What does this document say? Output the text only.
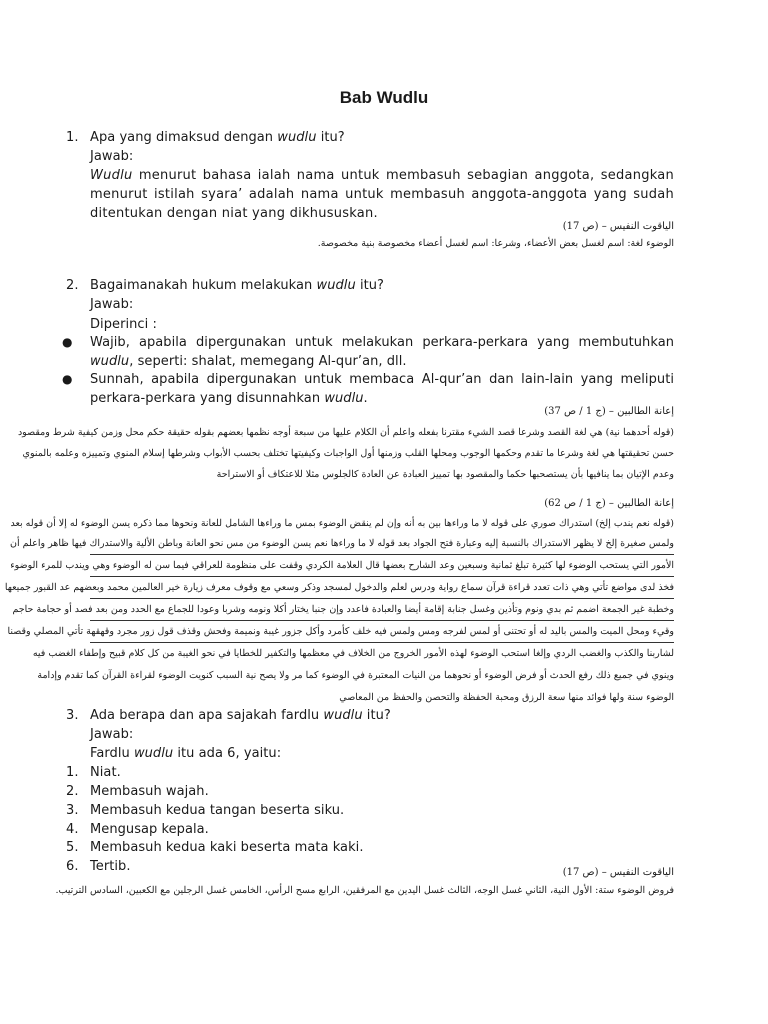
Bab Wudlu
1. Apa yang dimaksud dengan wudlu itu?
Jawab:
Wudlu menurut bahasa ialah nama untuk membasuh sebagian anggota, sedangkan menurut istilah syara’ adalah nama untuk membasuh anggota-anggota yang sudah ditentukan dengan niat yang dikhususkan.
الياقوت النفيس – (ص 17)
الوضوء لغة: اسم لغسل بعض الأعضاء، وشرعا: اسم لغسل أعضاء مخصوصة بنية مخصوصة.
2. Bagaimanakah hukum melakukan wudlu itu?
Jawab:
Diperinci :
● Wajib, apabila dipergunakan untuk melakukan perkara-perkara yang membutuhkan wudlu, seperti: shalat, memegang Al-qur’an, dll.
● Sunnah, apabila dipergunakan untuk membaca Al-qur’an dan lain-lain yang meliputi perkara-perkara yang disunnahkan wudlu.
إعانة الطالبين – (ج 1 / ص 37)
(قوله أحدهما نية) هي لغة القصد وشرعا قصد الشيء مقترنا بفعله واعلم أن الكلام عليها من سبعة أوجه نظمها بعضهم بقوله حقيقة حكم محل وزمن كيفية شرط ومقصود
حسن تحقيقتها هي لغة وشرعا ما تقدم وحكمها الوجوب ومحلها القلب وزمنها أول الواجبات وكيفيتها تختلف بحسب الأبواب وشرطها إسلام المنوي وتمييزه وعلمه بالمنوي
وعدم الإتيان بما ينافيها بأن يستصحبها حكما والمقصود بها تمييز العبادة عن العادة كالجلوس مثلا للاعتكاف أو الاستراحة
إعانة الطالبين – (ج 1 / ص 62)
(قوله نعم يندب إلخ) استدراك صوري على قوله لا ما وراءها بين به أنه وإن لم ينقض الوضوء بمس ما وراءها الشامل للعانة ونحوها مما ذكره يسن الوضوء له إلا أن قوله بعد
ولمس صغيرة إلخ لا يظهر الاستدراك بالنسبة إليه وعبارة فتح الجواد بعد قوله لا ما وراءها نعم يسن الوضوء من مس نحو العانة وباطن الألية والاستدراك فيها ظاهر واعلم أن
الأمور التي يستحب الوضوء لها كثيرة تبلغ ثمانية وسبعين وعد الشارح بعضها قال العلامة الكردي وقفت على منظومة للعراقي فيما سن له الوضوء وهي ويندب للمرء الوضوء
فخذ لدى مواضع تأتي وهي ذات تعدد قراءة قرآن سماع رواية ودرس لعلم والدخول لمسجد وذكر وسعي مع وقوف معرف زيارة خير العالمين محمد وبعضهم عد القبور جميعها
وخطبة غير الجمعة اضمم ثم بدي ونوم وتأذين وغسل جنابة إقامة أيضا والعبادة فاعدد وإن جنبا يختار أكلا ونومه وشربا وعودا للجماع مع الحدد ومن بعد فصد أو حجامة حاجم
وقيء ومحل الميت والمس باليد له أو تحتنى أو لمس لفرجه ومس ولمس فيه خلف كأمرد وأكل جزور غيبة ونميمة وفحش وقذف قول زور مجرد وقهقهة تأتي المصلي وقصنا
لشاربنا والكذب والغضب الردي وإلغا استحب الوضوء لهذه الأمور الخروج من الخلاف في معظمها والتكفير للخطايا في نحو الغيبة من كل كلام قبيح وإطفاء الغضب فيه
وينوي في جميع ذلك رفع الحدث أو فرض الوضوء أو نحوهما من النيات المعتبرة في الوضوء كما مر ولا يصح نية السبب كنويت الوضوء لقراءة القرآن كما تقدم وإدامة
الوضوء سنة ولها فوائد منها سعة الرزق ومحبة الحفظة والتحصن والحفظ من المعاصي
3. Ada berapa dan apa sajakah fardlu wudlu itu?
Jawab:
Fardlu wudlu itu ada 6, yaitu:
1. Niat.
2. Membasuh wajah.
3. Membasuh kedua tangan beserta siku.
4. Mengusap kepala.
5. Membasuh kedua kaki beserta mata kaki.
6. Tertib.	الياقوت النفيس – (ص 17)
فروض الوضوء ستة: الأول النية، الثاني غسل الوجه، الثالث غسل اليدين مع المرفقين، الرابع مسح الرأس، الخامس غسل الرجلين مع الكعبين، السادس الترتيب.
